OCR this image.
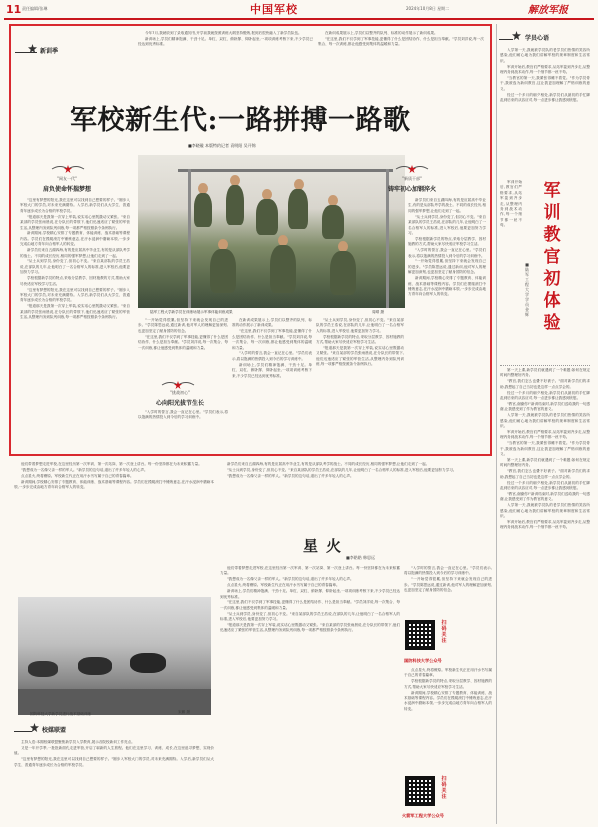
11 责任编辑/张琳	中国军校	2024年10月8日 星期二	解放军报
新训季

今年7月,我就收到了录取通知书,开学前我就按照训练大纲坚持锻炼,报到后很快融入了新学员队伍。

新训场上,学员们精神饱满、干劲十足。单杠、双杠、俯卧撑、仰卧起坐,一项项训练考核下来,不少学员已经达到优秀标准。

在新训成果展示上,学员们以整齐的队列、标准的动作展示了新训成果。

"在这里,我们不仅学到了军事技能,更懂得了什么是团结协作、什么是担当奉献。"学员刘洋说,每一次集合、每一次训练,都让他感受到集体的温暖和力量。

军校新生代:一路拼搏一路歌
■李晓璇 本版特约记者 袁明阳 吴开锦
"网友一代"
肩负使命怀揣梦想

"这里有梦想的阳光,我在这里可以找到自己想要的样子。"刚步入军校大门的学员,对未来充满期待。入学后,新学员们从大学生、普通青年逐步成长为合格的军校学员。

"报道那天是我第一次穿上军装,说实话心里既激动又紧张。"来自某部的学员张雨晨说,在分队长的带领下,他们迅速适应了紧张的军营生活,从整理内务到队列训练,每一项都严格按照条令条例执行。

新训期间,学校精心安排了专题教育、体能训练、战术基础等课程内容。学员们在摸爬滚打中锤炼意志,在汗水浸润中磨砺本领,一步步完成由地方青年向合格军人的转变。

新学员们来自五湖四海,有的是应届高中毕业生,有的是从部队考学的战士。不同的成长经历,相同的强军梦想,让他们走到了一起。

"从士兵到学员,身份变了,但初心不变。"来自某部队的学员王浩说,在部队的几年,让他明白了一名合格军人的标准,进入军校后,他要更加努力学习。

学校根据新学员的特点,采取分层教学、因材施教的方式,帮助大家尽快适应军校学习生活。

"这里有梦想的阳光,我在这里可以找到自己想要的样子。"刚步入军校大门的学员,对未来充满期待。入学后,新学员们从大学生、普通青年逐步成长为合格的军校学员。

"报道那天是我第一次穿上军装,说实话心里既激动又紧张。"来自某部的学员张雨晨说,在分队长的带领下,他们迅速适应了紧张的军营生活,从整理内务到队列训练,每一项都严格按照条令条例执行。

陆军工程大学新学员在训练场展示军事体能训练成果	周晴 摄
"新质干部"
铸牢初心加钢淬火

新学员们来自五湖四海,有的是应届高中毕业生,有的是从部队考学的战士。不同的成长经历,相同的强军梦想,让他们走到了一起。

"从士兵到学员,身份变了,但初心不变。"来自某部队的学员王浩说,在部队的几年,让他明白了一名合格军人的标准,进入军校后,他要更加努力学习。

学校根据新学员的特点,采取分层教学、因材施教的方式,帮助大家尽快适应军校学习生活。

"入学时的誓言,我会一直记在心里。"学员们表示,将以饱满的热情投入到今后的学习训练中。

"一开始觉得很累,但坚持下来就会发现自己的进步。"学员陈思远说,通过新训,他对军人的理解更加深刻,也更加坚定了献身国防的信念。

新训期间,学校精心安排了专题教育、体能训练、战术基础等课程内容。学员们在摸爬滚打中锤炼意志,在汗水浸润中磨砺本领,一步步完成由地方青年向合格军人的转变。

"一开始觉得很累,但坚持下来就会发现自己的进步。"学员陈思远说,通过新训,他对军人的理解更加深刻,也更加坚定了献身国防的信念。

"在这里,我们不仅学到了军事技能,更懂得了什么是团结协作、什么是担当奉献。"学员刘洋说,每一次集合、每一次训练,都让他感受到集体的温暖和力量。

"挑战初心"
心向阳光拔节生长

"入学时的誓言,我会一直记在心里。"学员们表示,将以饱满的热情投入到今后的学习训练中。

在新训成果展示上,学员们以整齐的队列、标准的动作展示了新训成果。

"在这里,我们不仅学到了军事技能,更懂得了什么是团结协作、什么是担当奉献。"学员刘洋说,每一次集合、每一次训练,都让他感受到集体的温暖和力量。

"入学时的誓言,我会一直记在心里。"学员们表示,将以饱满的热情投入到今后的学习训练中。

新训场上,学员们精神饱满、干劲十足。单杠、双杠、俯卧撑、仰卧起坐,一项项训练考核下来,不少学员已经达到优秀标准。

"从士兵到学员,身份变了,但初心不变。"来自某部队的学员王浩说,在部队的几年,让他明白了一名合格军人的标准,进入军校后,他要更加努力学习。

学校根据新学员的特点,采取分层教学、因材施教的方式,帮助大家尽快适应军校学习生活。

"报道那天是我第一次穿上军装,说实话心里既激动又紧张。"来自某部的学员张雨晨说,在分队长的带领下,他们迅速适应了紧张的军营生活,从整理内务到队列训练,每一项都严格按照条令条例执行。

学员心语

入学第一天,我就被学员队的老学员们热情的笑容所感染,他们耐心地为我们讲解军校的规章制度和生活常识。

军训开始后,教官们严格要求,从站军姿到齐步走,从整理内务到战术动作,每一个细节都一丝不苟。

"当教官的第一天,我紧张得睡不着觉。"作为学员骨干,我被选为新训教官,这让我更加理解了严格训练的意义。

经过一个多月的朝夕相处,新学员们从最初的手忙脚乱到后来的从容应对,每一点进步都让我感到欣慰。

军训开始后,教官们严格要求,从站军姿到齐步走,从整理内务到战术动作,每一个细节都一丝不苟。

■陆军工程大学学员 金辉
军训教官初体验

第一天上课,新学员们就遇到了一个难题:如何在规定时间内整理好内务。

"教官,我们怎么也叠不好被子。"面对新学员们的求助,我想起了自己当初也是这样一点点学会的。

经过一个多月的朝夕相处,新学员们从最初的手忙脚乱到后来的从容应对,每一点进步都让我感到欣慰。

"教官,谢谢你!"新训结束时,新学员们送给我的一句感谢,让我感受到了作为教官的意义。

入学第一天,我就被学员队的老学员们热情的笑容所感染,他们耐心地为我们讲解军校的规章制度和生活常识。

军训开始后,教官们严格要求,从站军姿到齐步走,从整理内务到战术动作,每一个细节都一丝不苟。

"当教官的第一天,我紧张得睡不着觉。"作为学员骨干,我被选为新训教官,这让我更加理解了严格训练的意义。

第一天上课,新学员们就遇到了一个难题:如何在规定时间内整理好内务。

"教官,我们怎么也叠不好被子。"面对新学员们的求助,我想起了自己当初也是这样一点点学会的。

经过一个多月的朝夕相处,新学员们从最初的手忙脚乱到后来的从容应对,每一点进步都让我感到欣慰。

"教官,谢谢你!"新训结束时,新学员们送给我的一句感谢,让我感受到了作为教官的意义。

入学第一天,我就被学员队的老学员们热情的笑容所感染,他们耐心地为我们讲解军校的规章制度和生活常识。

军训开始后,教官们严格要求,从站军姿到齐步走,从整理内务到战术动作,每一个细节都一丝不苟。

他们带着梦想走进军校,在这里经历第一次军训、第一次站岗、第一次登上讲台。每一份坚持都在为未来积蓄力量。

"我想成为一名像父亲一样的军人。"新学员的这句话,道出了许多年轻人的心声。

点点星火,终将燎原。军校新生代正在用汗水书写属于自己的青春篇章。

新训期间,学校精心安排了专题教育、体能训练、战术基础等课程内容。学员们在摸爬滚打中锤炼意志,在汗水浸润中磨砺本领,一步步完成由地方青年向合格军人的转变。

新学员们来自五湖四海,有的是应届高中毕业生,有的是从部队考学的战士。不同的成长经历,相同的强军梦想,让他们走到了一起。

"从士兵到学员,身份变了,但初心不变。"来自某部队的学员王浩说,在部队的几年,让他明白了一名合格军人的标准,进入军校后,他要更加努力学习。

"我想成为一名像父亲一样的军人。"新学员的这句话,道出了许多年轻人的心声。

星火
■李皓皓 韩思远

他们带着梦想走进军校,在这里经历第一次军训、第一次站岗、第一次登上讲台。每一份坚持都在为未来积蓄力量。

"我想成为一名像父亲一样的军人。"新学员的这句话,道出了许多年轻人的心声。

点点星火,终将燎原。军校新生代正在用汗水书写属于自己的青春篇章。

新训场上,学员们精神饱满、干劲十足。单杠、双杠、俯卧撑、仰卧起坐,一项项训练考核下来,不少学员已经达到优秀标准。

"在这里,我们不仅学到了军事技能,更懂得了什么是团结协作、什么是担当奉献。"学员刘洋说,每一次集合、每一次训练,都让他感受到集体的温暖和力量。

"从士兵到学员,身份变了,但初心不变。"来自某部队的学员王浩说,在部队的几年,让他明白了一名合格军人的标准,进入军校后,他要更加努力学习。

"报道那天是我第一次穿上军装,说实话心里既激动又紧张。"来自某部的学员张雨晨说,在分队长的带领下,他们迅速适应了紧张的军营生活,从整理内务到队列训练,每一项都严格按照条令条例执行。

国防科技大学新学员进行战术基础训练	宋鹏 摄
校媒联盟

主持人语:本期校媒联盟聚焦新学员入学教育,展示各院校新训工作亮点。

又是一年开学季,一批批新面孔走进军营,开启了崭新的人生旅程。他们在这里学习、训练、成长,在这里追寻梦想、实现价值。

"这里有梦想的阳光,我在这里可以找到自己想要的样子。"刚步入军校大门的学员,对未来充满期待。入学后,新学员们从大学生、普通青年逐步成长为合格的军校学员。

"入学时的誓言,我会一直记在心里。"学员们表示,将以饱满的热情投入到今后的学习训练中。

"一开始觉得很累,但坚持下来就会发现自己的进步。"学员陈思远说,通过新训,他对军人的理解更加深刻,也更加坚定了献身国防的信念。

扫码关注
国防科技大学公众号
扫码关注
火箭军工程大学公众号

点点星火,终将燎原。军校新生代正在用汗水书写属于自己的青春篇章。

学校根据新学员的特点,采取分层教学、因材施教的方式,帮助大家尽快适应军校学习生活。

新训期间,学校精心安排了专题教育、体能训练、战术基础等课程内容。学员们在摸爬滚打中锤炼意志,在汗水浸润中磨砺本领,一步步完成由地方青年向合格军人的转变。
